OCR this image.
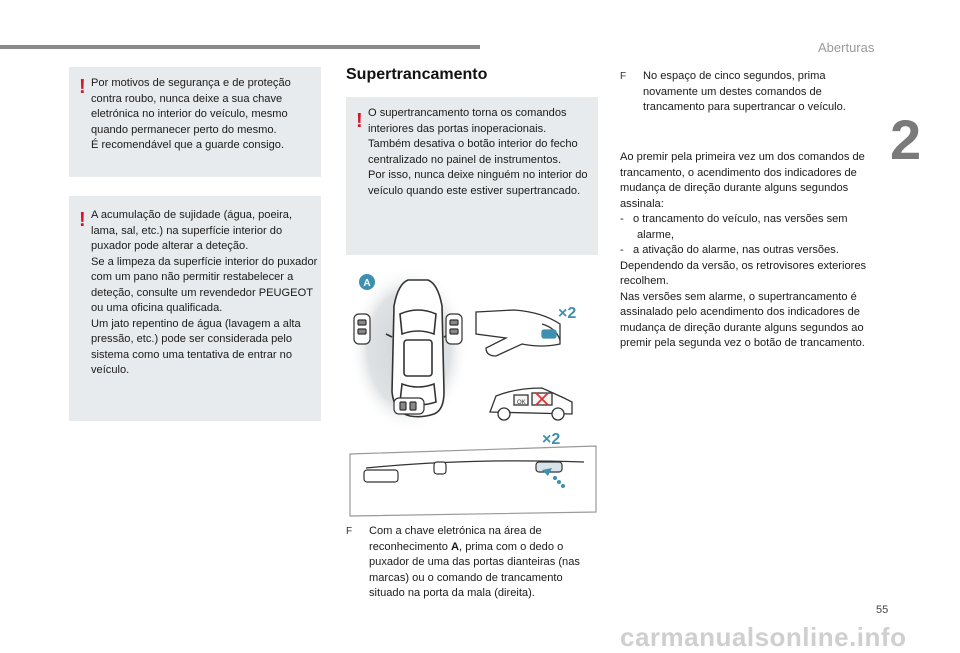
Aberturas
2
! Por motivos de segurança e de proteção contra roubo, nunca deixe a sua chave eletrónica no interior do veículo, mesmo quando permanecer perto do mesmo.
É recomendável que a guarde consigo.
! A acumulação de sujidade (água, poeira, lama, sal, etc.) na superfície interior do puxador pode alterar a deteção.
Se a limpeza da superfície interior do puxador com um pano não permitir restabelecer a deteção, consulte um revendedor PEUGEOT ou uma oficina qualificada.
Um jato repentino de água (lavagem a alta pressão, etc.) pode ser considerada pelo sistema como uma tentativa de entrar no veículo.
Supertrancamento
! O supertrancamento torna os comandos interiores das portas inoperacionais.
Também desativa o botão interior do fecho centralizado no painel de instrumentos.
Por isso, nunca deixe ninguém no interior do veículo quando este estiver supertrancado.
A
×2
OK
×2
F	Com a chave eletrónica na área de reconhecimento A, prima com o dedo o puxador de uma das portas dianteiras (nas marcas) ou o comando de trancamento situado na porta da mala (direita).
F	No espaço de cinco segundos, prima novamente um destes comandos de trancamento para supertrancar o veículo.
Ao premir pela primeira vez um dos comandos de trancamento, o acendimento dos indicadores de mudança de direção durante alguns segundos assinala:

-   o trancamento do veículo, nas versões sem alarme,
-   a ativação do alarme, nas outras versões.
Dependendo da versão, os retrovisores exteriores recolhem.
Nas versões sem alarme, o supertrancamento é assinalado pelo acendimento dos indicadores de mudança de direção durante alguns segundos ao premir pela segunda vez o botão de trancamento.
55
carmanualsonline.info
